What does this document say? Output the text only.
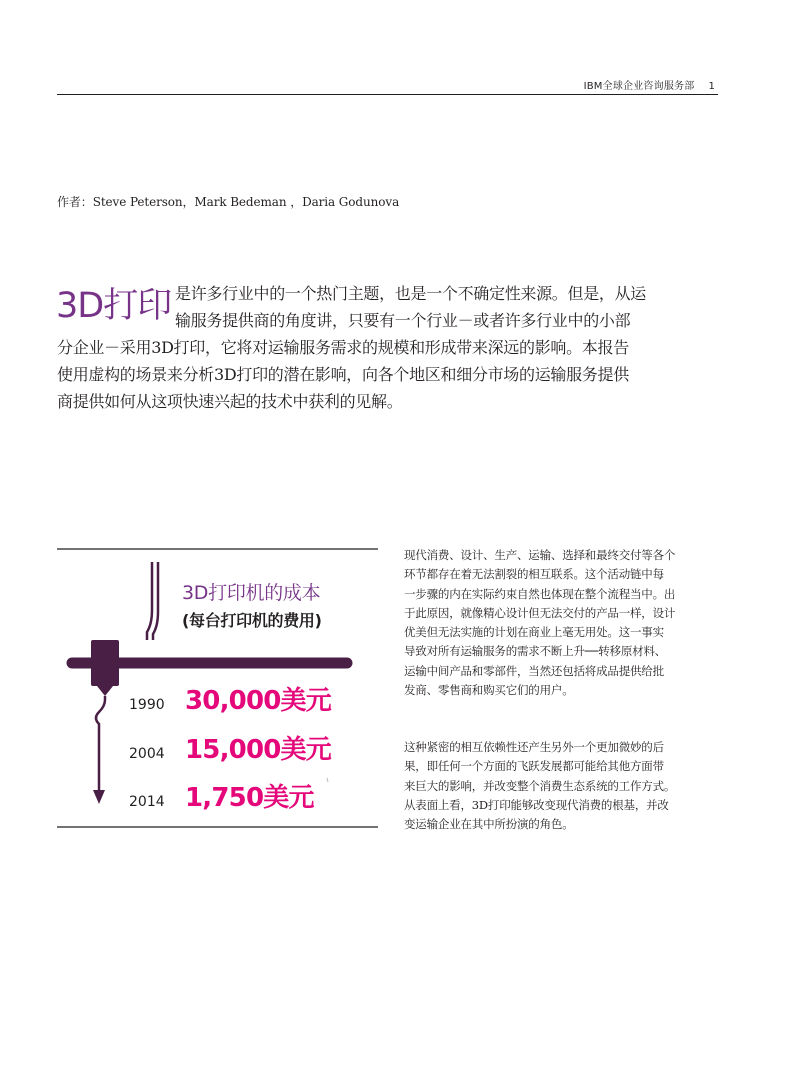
IBM全球企业咨询服务部 1
作者：Steve Peterson，Mark Bedeman ，Daria Godunova
3D打印 是许多行业中的一个热门主题，也是一个不确定性来源。但是，从运
输服务提供商的角度讲，只要有一个行业－或者许多行业中的小部
分企业－采用3D打印，它将对运输服务需求的规模和形成带来深远的影响。本报告
使用虚构的场景来分析3D打印的潜在影响，向各个地区和细分市场的运输服务提供
商提供如何从这项快速兴起的技术中获利的见解。
3D打印机的成本
(每台打印机的费用)
1990 30,000美元
2004 15,000美元
2014 1,750美元
现代消费、设计、生产、运输、选择和最终交付等各个
环节都存在着无法割裂的相互联系。这个活动链中每
一步骤的内在实际约束自然也体现在整个流程当中。出
于此原因，就像精心设计但无法交付的产品一样，设计
优美但无法实施的计划在商业上毫无用处。这一事实
导致对所有运输服务的需求不断上升──转移原材料、
运输中间产品和零部件，当然还包括将成品提供给批
发商、零售商和购买它们的用户。
这种紧密的相互依赖性还产生另外一个更加微妙的后
果，即任何一个方面的飞跃发展都可能给其他方面带
来巨大的影响，并改变整个消费生态系统的工作方式。
从表面上看，3D打印能够改变现代消费的根基，并改
变运输企业在其中所扮演的角色。
